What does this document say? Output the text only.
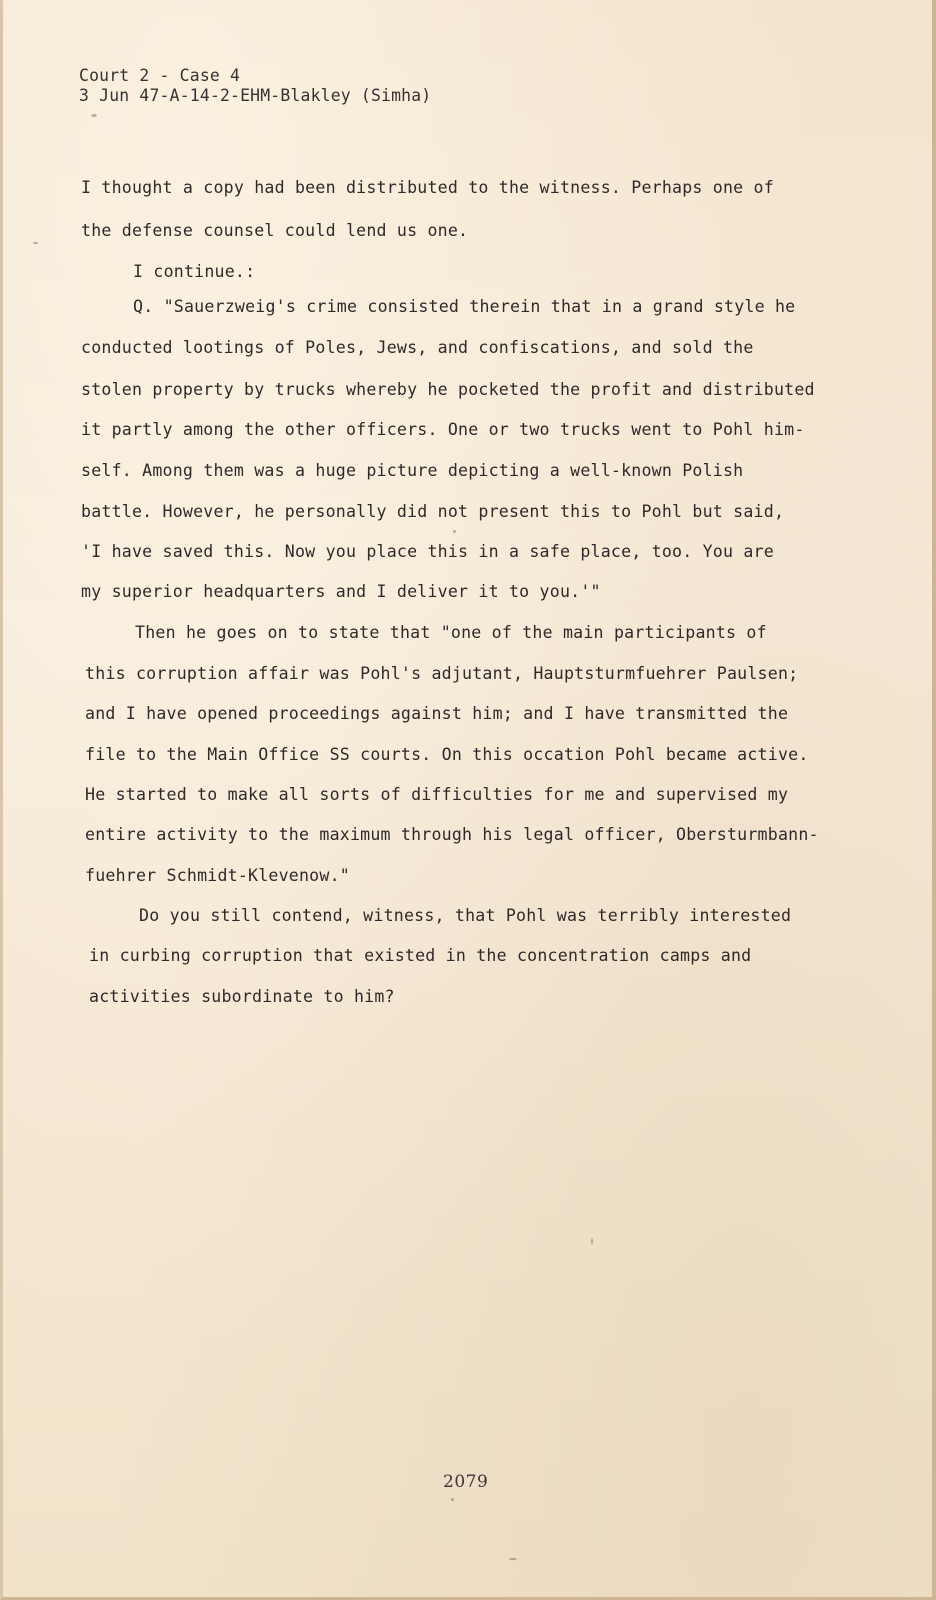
Court 2 - Case 4
3 Jun 47-A-14-2-EHM-Blakley (Simha)
I thought a copy had been distributed to the witness. Perhaps one of
the defense counsel could lend us one.
I continue.:
Q. "Sauerzweig's crime consisted therein that in a grand style he
conducted lootings of Poles, Jews, and confiscations, and sold the
stolen property by trucks whereby he pocketed the profit and distributed
it partly among the other officers. One or two trucks went to Pohl him-
self. Among them was a huge picture depicting a well-known Polish
battle. However, he personally did not present this to Pohl but said,
'I have saved this. Now you place this in a safe place, too. You are
my superior headquarters and I deliver it to you.'"
Then he goes on to state that "one of the main participants of
this corruption affair was Pohl's adjutant, Hauptsturmfuehrer Paulsen;
and I have opened proceedings against him; and I have transmitted the
file to the Main Office SS courts. On this occation Pohl became active.
He started to make all sorts of difficulties for me and supervised my
entire activity to the maximum through his legal officer, Obersturmbann-
fuehrer Schmidt-Klevenow."
Do you still contend, witness, that Pohl was terribly interested
in curbing corruption that existed in the concentration camps and
activities subordinate to him?
2079
